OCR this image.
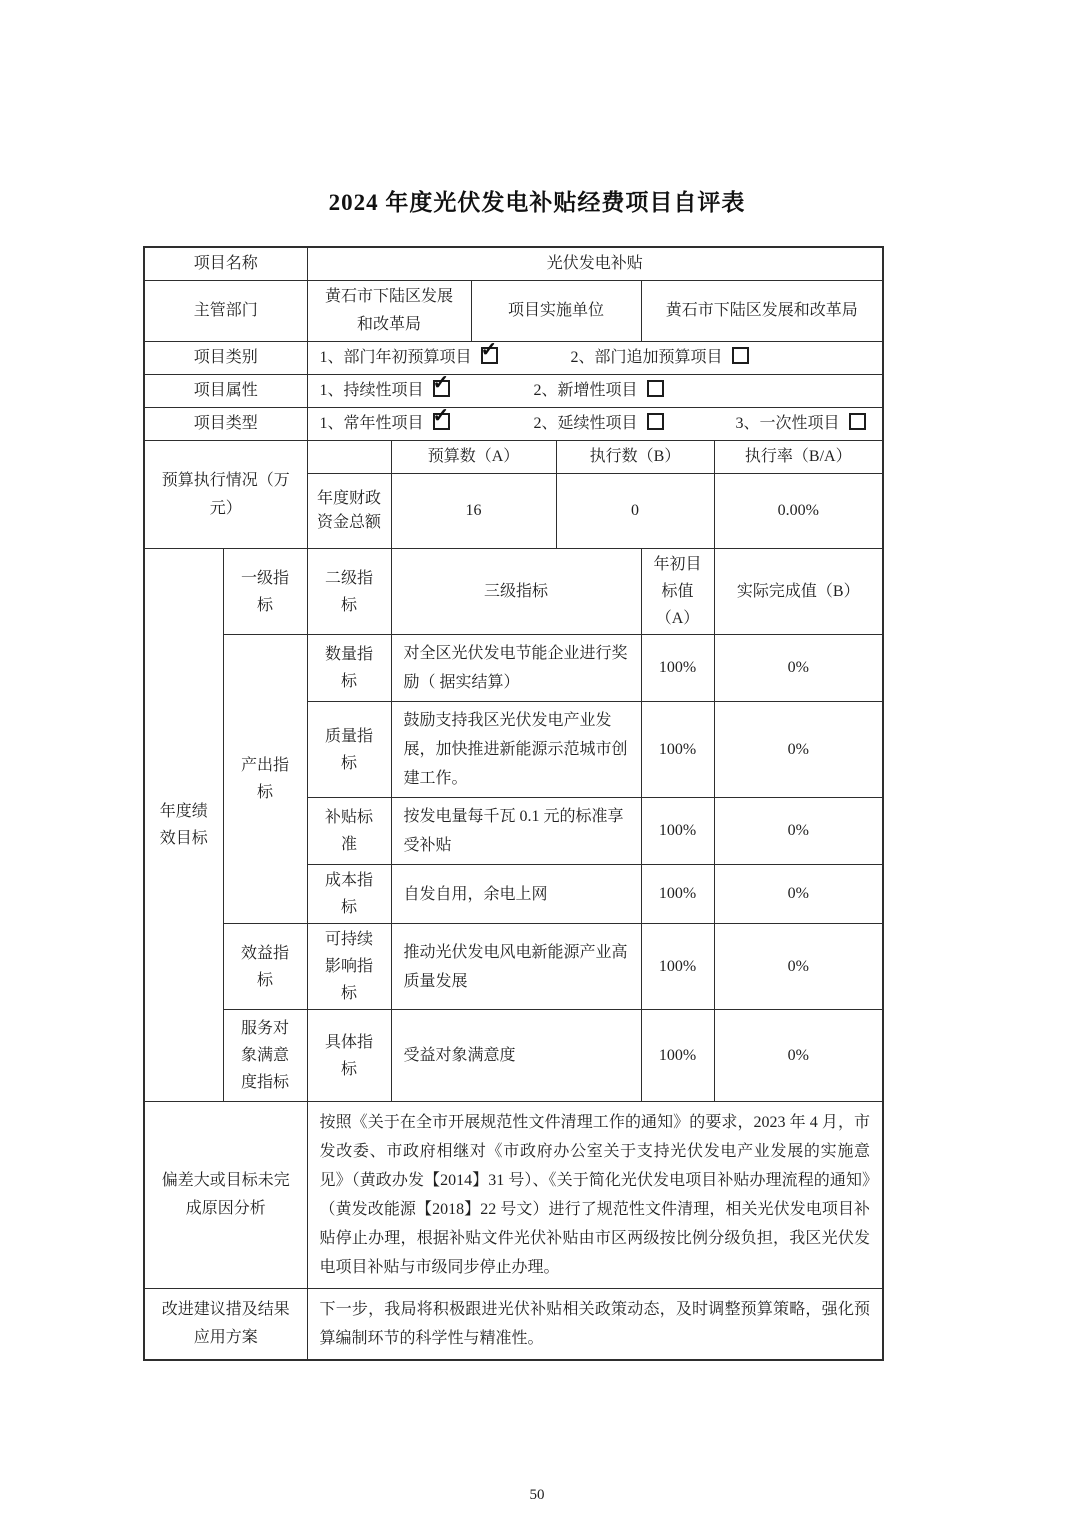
2024 年度光伏发电补贴经费项目自评表
项目名称		光伏发电补贴					
主管部门		黄石市下陆区发展和改革局		项目实施单位		黄石市下陆区发展和改革局	
项目类别		1、部门年初预算项目 ✓ 2、部门追加预算项目
项目属性		1、持续性项目 ✓ 2、新增性项目
项目类型		1、常年性项目 ✓ 2、延续性项目 3、一次性项目
预算执行情况（万元）			预算数（A）		执行数（B）		执行率（B/A）
		年度财政资金总额	16		0		0.00%
年度绩效目标	一级指标	二级指标	三级指标			年初目标值（A）	实际完成值（B）
	产出指标	数量指标	对全区光伏发电节能企业进行奖励（ 据实结算）			100%	0%
		质量指标	鼓励支持我区光伏发电产业发展，加快推进新能源示范城市创建工作。			100%	0%
		补贴标准	按发电量每千瓦 0.1 元的标准享受补贴			100%	0%
		成本指标	自发自用，余电上网			100%	0%
	效益指标	可持续影响指标	推动光伏发电风电新能源产业高质量发展			100%	0%
	服务对象满意度指标	具体指标	受益对象满意度			100%	0%
偏差大或目标未完成原因分析		按照《关于在全市开展规范性文件清理工作的通知》的要求，2023 年 4 月，市发改委、市政府相继对《市政府办公室关于支持光伏发电产业发展的实施意见》（黄政办发【2014】31 号）、《关于简化光伏发电项目补贴办理流程的通知》（黄发改能源【2018】22 号文）进行了规范性文件清理，相关光伏发电项目补贴停止办理，根据补贴文件光伏补贴由市区两级按比例分级负担，我区光伏发电项目补贴与市级同步停止办理。					
改进建议措及结果应用方案		下一步，我局将积极跟进光伏补贴相关政策动态，及时调整预算策略，强化预算编制环节的科学性与精准性。					
50
